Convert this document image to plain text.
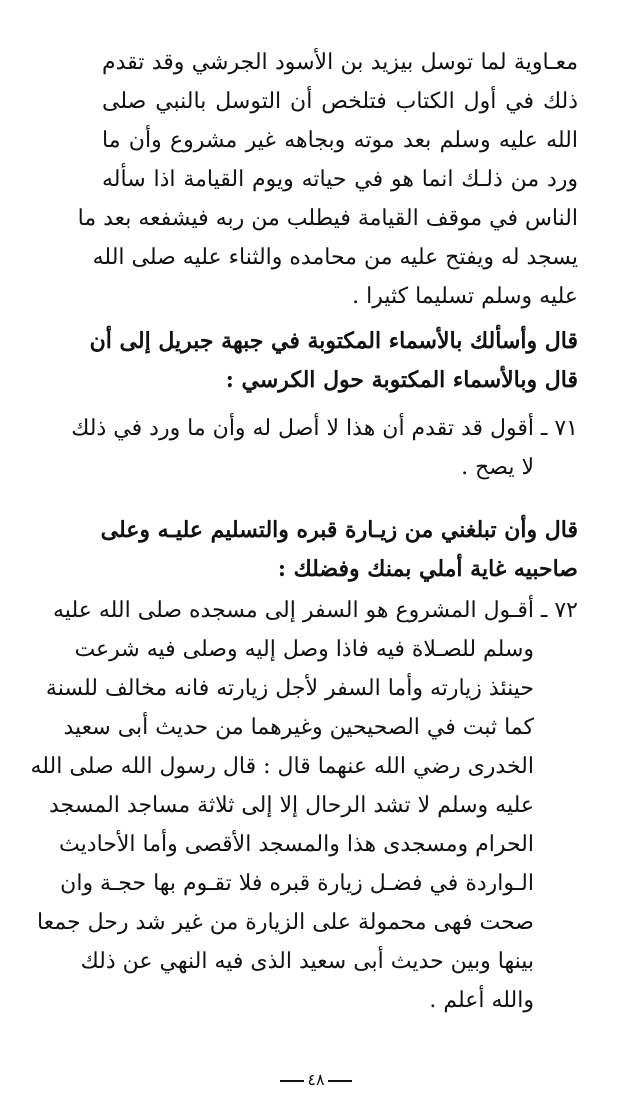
معـاوية لما توسل بيزيد بن الأسود الجرشي وقد تقدم
ذلك في أول الكتاب فتلخص أن التوسل بالنبي صلى
الله عليه وسلم بعد موته وبجاهه غير مشروع وأن ما
ورد من ذلـك انما هو في حياته ويوم القيامة اذا سأله
الناس في موقف القيامة فيطلب من ربه فيشفعه بعد ما
يسجد له ويفتح عليه من محامده والثناء عليه صلى الله
عليه وسلم تسليما كثيرا .
قال وأسألك بالأسماء المكتوبة في جبهة جبريل إلى أن
قال وبالأسماء المكتوبة حول الكرسي :
٧١ ـ
أقول قد تقدم أن هذا لا أصل له وأن ما ورد في ذلك
لا يصح .
قال وأن تبلغني من زيـارة قبره والتسليم عليـه وعلى
صاحبيه غاية أملي بمنك وفضلك :
٧٢ ـ
أقـول المشروع هو السفر إلى مسجده صلى الله عليه
وسلم للصـلاة فيه فاذا وصل إليه وصلى فيه شرعت
حينئذ زيارته وأما السفر لأجل زيارته فانه مخالف للسنة
كما ثبت في الصحيحين وغيرهما من حديث أبى سعيد
الخدرى رضي الله عنهما قال : قال رسول الله صلى الله
عليه وسلم لا تشد الرحال إلا إلى ثلاثة مساجد المسجد
الحرام ومسجدى هذا والمسجد الأقصى وأما الأحاديث
الـواردة في فضـل زيارة قبره فلا تقـوم بها حجـة وان
صحت فهى محمولة على الزيارة من غير شد رحل جمعا
بينها وبين حديث أبى سعيد الذى فيه النهي عن ذلك
والله أعلم .
٤٨
